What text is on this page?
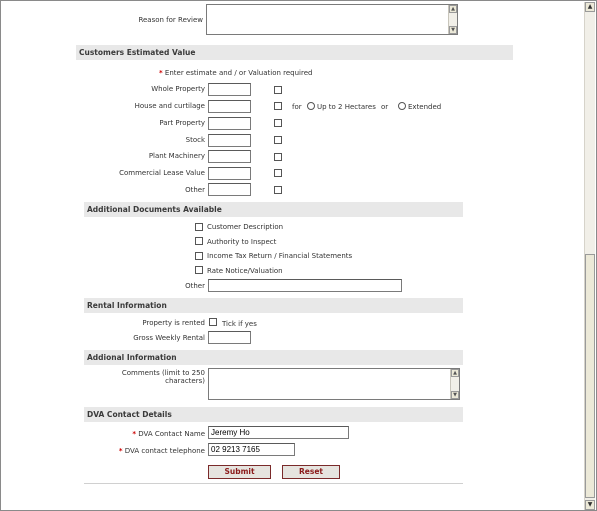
Reason for Review
▲
▼
Customers Estimated Value
* Enter estimate and / or Valuation required
Whole Property
House and curtilage	for Up to 2 Hectares or	Extended
Part Property
Stock
Plant Machinery
Commercial Lease Value
Other
Additional Documents Available
Customer Description
Authority to Inspect
Income Tax Return / Financial Statements
Rate Notice/Valuation
Other
Rental Information
Property is rented Tick if yes
Gross Weekly Rental
Addional Information
Comments (limit to 250
characters)
▲
▼
DVA Contact Details
* DVA Contact Name Jeremy Ho
* DVA contact telephone 02 9213 7165
Submit	Reset
▲
▼
